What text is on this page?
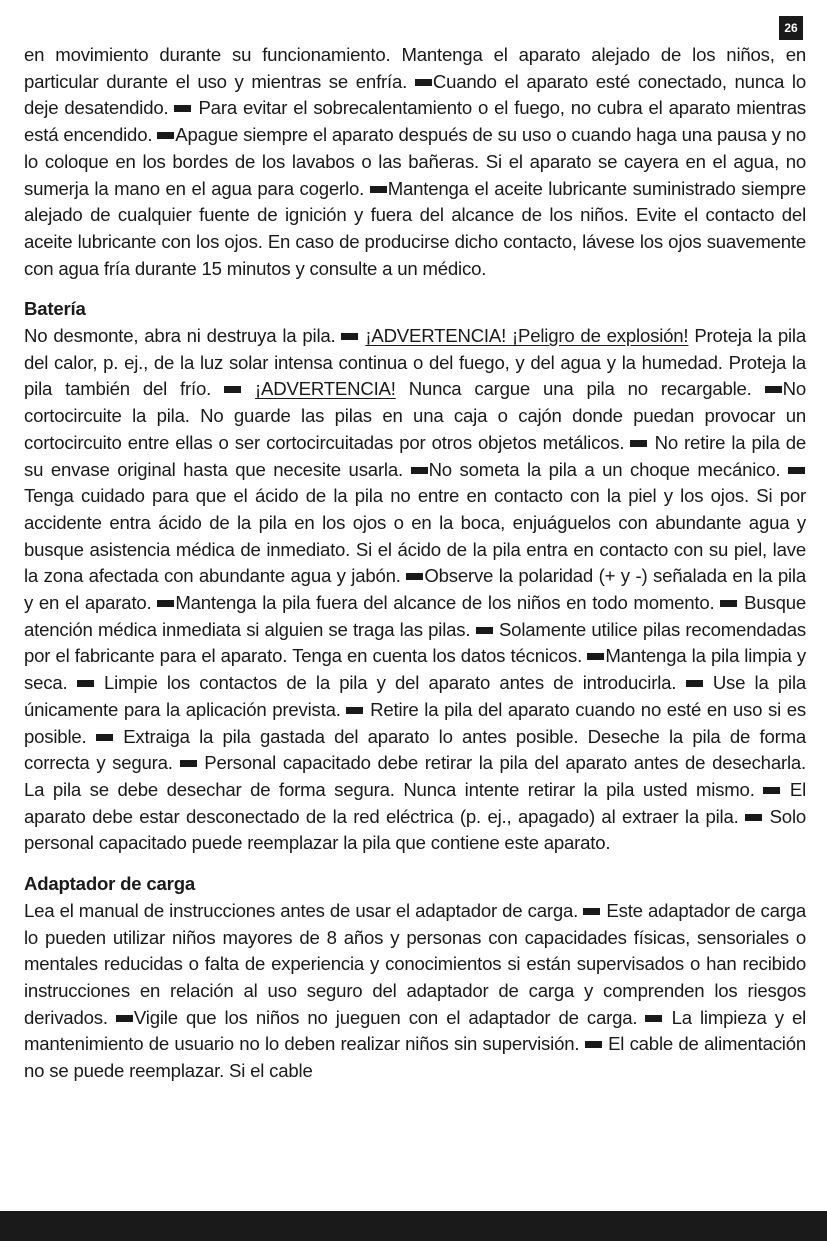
26

en movimiento durante su funcionamiento. Mantenga el aparato alejado de los niños, en particular durante el uso y mientras se enfría. Cuando el aparato esté conectado, nunca lo deje desatendido. Para evitar el sobrecalentamiento o el fuego, no cubra el aparato mientras está encendido. Apague siempre el aparato después de su uso o cuando haga una pausa y no lo coloque en los bordes de los lavabos o las bañeras. Si el aparato se cayera en el agua, no sumerja la mano en el agua para cogerlo. Mantenga el aceite lubricante suministrado siempre alejado de cualquier fuente de ignición y fuera del alcance de los niños. Evite el contacto del aceite lubricante con los ojos. En caso de producirse dicho contacto, lávese los ojos suavemente con agua fría durante 15 minutos y consulte a un médico.

Batería

No desmonte, abra ni destruya la pila. ¡ADVERTENCIA! ¡Peligro de explosión! Proteja la pila del calor, p. ej., de la luz solar intensa continua o del fuego, y del agua y la humedad. Proteja la pila también del frío. ¡ADVERTENCIA! Nunca cargue una pila no recargable. No cortocircuite la pila. No guarde las pilas en una caja o cajón donde puedan provocar un cortocircuito entre ellas o ser cortocircuitadas por otros objetos metálicos. No retire la pila de su envase original hasta que necesite usarla. No someta la pila a un choque mecánico. Tenga cuidado para que el ácido de la pila no entre en contacto con la piel y los ojos. Si por accidente entra ácido de la pila en los ojos o en la boca, enjuáguelos con abundante agua y busque asistencia médica de inmediato. Si el ácido de la pila entra en contacto con su piel, lave la zona afectada con abundante agua y jabón. Observe la polaridad (+ y -) señalada en la pila y en el aparato. Mantenga la pila fuera del alcance de los niños en todo momento. Busque atención médica inmediata si alguien se traga las pilas. Solamente utilice pilas recomendadas por el fabricante para el aparato. Tenga en cuenta los datos técnicos. Mantenga la pila limpia y seca. Limpie los contactos de la pila y del aparato antes de introducirla. Use la pila únicamente para la aplicación prevista. Retire la pila del aparato cuando no esté en uso si es posible. Extraiga la pila gastada del aparato lo antes posible. Deseche la pila de forma correcta y segura. Personal capacitado debe retirar la pila del aparato antes de desecharla. La pila se debe desechar de forma segura. Nunca intente retirar la pila usted mismo. El aparato debe estar desconectado de la red eléctrica (p. ej., apagado) al extraer la pila. Solo personal capacitado puede reemplazar la pila que contiene este aparato.

Adaptador de carga

Lea el manual de instrucciones antes de usar el adaptador de carga. Este adaptador de carga lo pueden utilizar niños mayores de 8 años y personas con capacidades físicas, sensoriales o mentales reducidas o falta de experiencia y conocimientos si están supervisados o han recibido instrucciones en relación al uso seguro del adaptador de carga y comprenden los riesgos derivados. Vigile que los niños no jueguen con el adaptador de carga. La limpieza y el mantenimiento de usuario no lo deben realizar niños sin supervisión. El cable de alimentación no se puede reemplazar. Si el cable
